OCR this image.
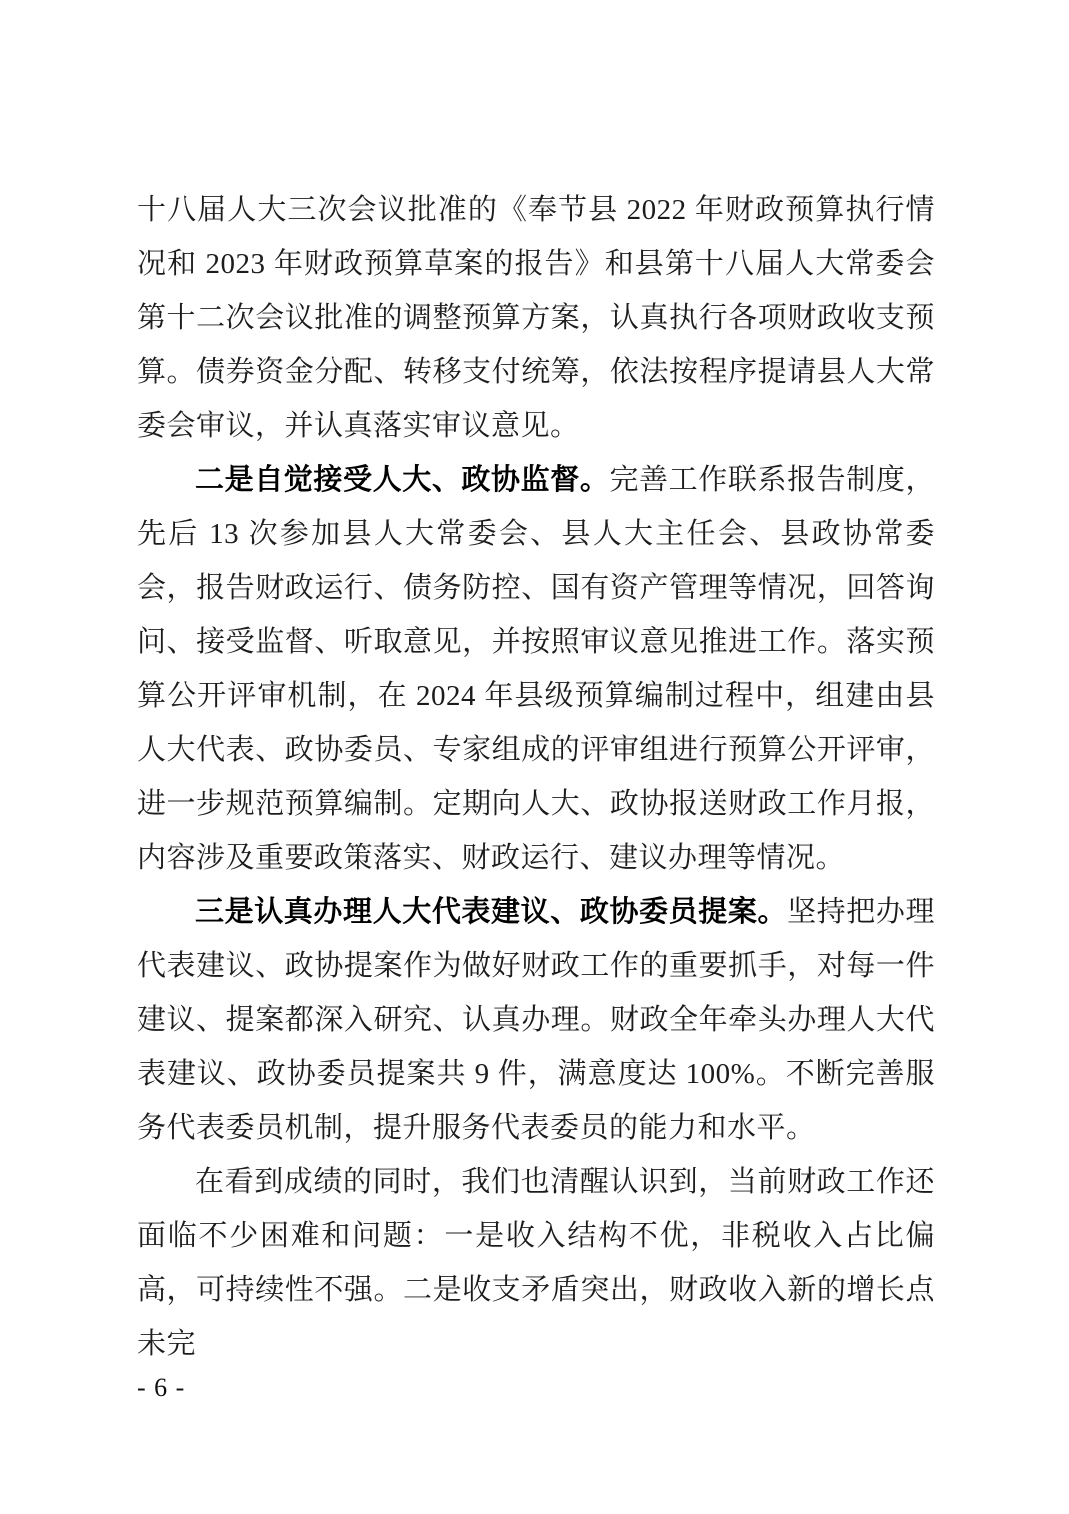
十八届人大三次会议批准的《奉节县 2022 年财政预算执行情况和 2023 年财政预算草案的报告》和县第十八届人大常委会第十二次会议批准的调整预算方案，认真执行各项财政收支预算。债券资金分配、转移支付统筹，依法按程序提请县人大常委会审议，并认真落实审议意见。

二是自觉接受人大、政协监督。完善工作联系报告制度，先后 13 次参加县人大常委会、县人大主任会、县政协常委会，报告财政运行、债务防控、国有资产管理等情况，回答询问、接受监督、听取意见，并按照审议意见推进工作。落实预算公开评审机制，在 2024 年县级预算编制过程中，组建由县人大代表、政协委员、专家组成的评审组进行预算公开评审，进一步规范预算编制。定期向人大、政协报送财政工作月报，内容涉及重要政策落实、财政运行、建议办理等情况。

三是认真办理人大代表建议、政协委员提案。坚持把办理代表建议、政协提案作为做好财政工作的重要抓手，对每一件建议、提案都深入研究、认真办理。财政全年牵头办理人大代表建议、政协委员提案共 9 件，满意度达 100%。不断完善服务代表委员机制，提升服务代表委员的能力和水平。

在看到成绩的同时，我们也清醒认识到，当前财政工作还面临不少困难和问题：一是收入结构不优，非税收入占比偏高，可持续性不强。二是收支矛盾突出，财政收入新的增长点未完

- 6 -
